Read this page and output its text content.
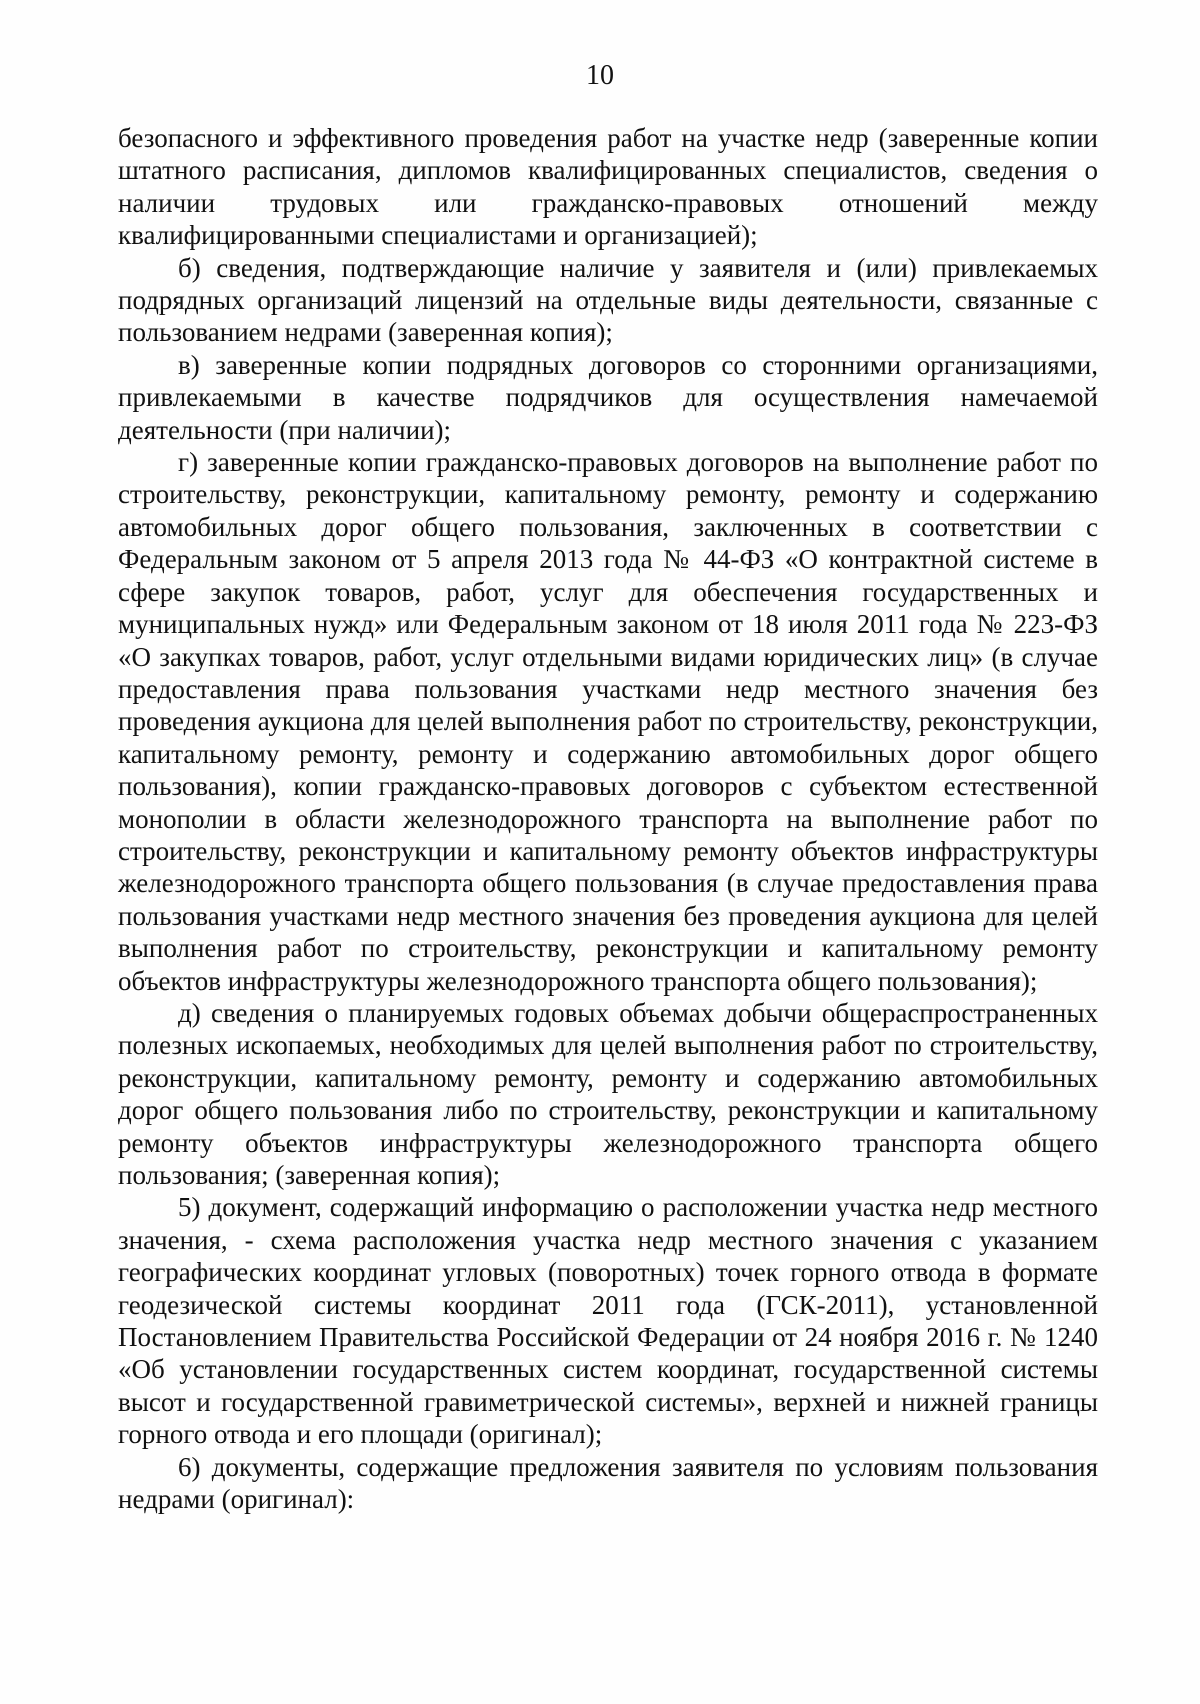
10

безопасного и эффективного проведения работ на участке недр (заверенные копии штатного расписания, дипломов квалифицированных специалистов, сведения о наличии трудовых или гражданско-правовых отношений между квалифицированными специалистами и организацией);

б) сведения, подтверждающие наличие у заявителя и (или) привлекаемых подрядных организаций лицензий на отдельные виды деятельности, связанные с пользованием недрами (заверенная копия);

в) заверенные копии подрядных договоров со сторонними организациями, привлекаемыми в качестве подрядчиков для осуществления намечаемой деятельности (при наличии);

г) заверенные копии гражданско-правовых договоров на выполнение работ по строительству, реконструкции, капитальному ремонту, ремонту и содержанию автомобильных дорог общего пользования, заключенных в соответствии с Федеральным законом от 5 апреля 2013 года № 44-ФЗ «О контрактной системе в сфере закупок товаров, работ, услуг для обеспечения государственных и муниципальных нужд» или Федеральным законом от 18 июля 2011 года № 223-ФЗ «О закупках товаров, работ, услуг отдельными видами юридических лиц» (в случае предоставления права пользования участками недр местного значения без проведения аукциона для целей выполнения работ по строительству, реконструкции, капитальному ремонту, ремонту и содержанию автомобильных дорог общего пользования), копии гражданско-правовых договоров с субъектом естественной монополии в области железнодорожного транспорта на выполнение работ по строительству, реконструкции и капитальному ремонту объектов инфраструктуры железнодорожного транспорта общего пользования (в случае предоставления права пользования участками недр местного значения без проведения аукциона для целей выполнения работ по строительству, реконструкции и капитальному ремонту объектов инфраструктуры железнодорожного транспорта общего пользования);

д) сведения о планируемых годовых объемах добычи общераспространенных полезных ископаемых, необходимых для целей выполнения работ по строительству, реконструкции, капитальному ремонту, ремонту и содержанию автомобильных дорог общего пользования либо по строительству, реконструкции и капитальному ремонту объектов инфраструктуры железнодорожного транспорта общего пользования; (заверенная копия);

5) документ, содержащий информацию о расположении участка недр местного значения, - схема расположения участка недр местного значения с указанием географических координат угловых (поворотных) точек горного отвода в формате геодезической системы координат 2011 года (ГСК-2011), установленной Постановлением Правительства Российской Федерации от 24 ноября 2016 г. № 1240 «Об установлении государственных систем координат, государственной системы высот и государственной гравиметрической системы», верхней и нижней границы горного отвода и его площади (оригинал);

6) документы, содержащие предложения заявителя по условиям пользования недрами (оригинал):
